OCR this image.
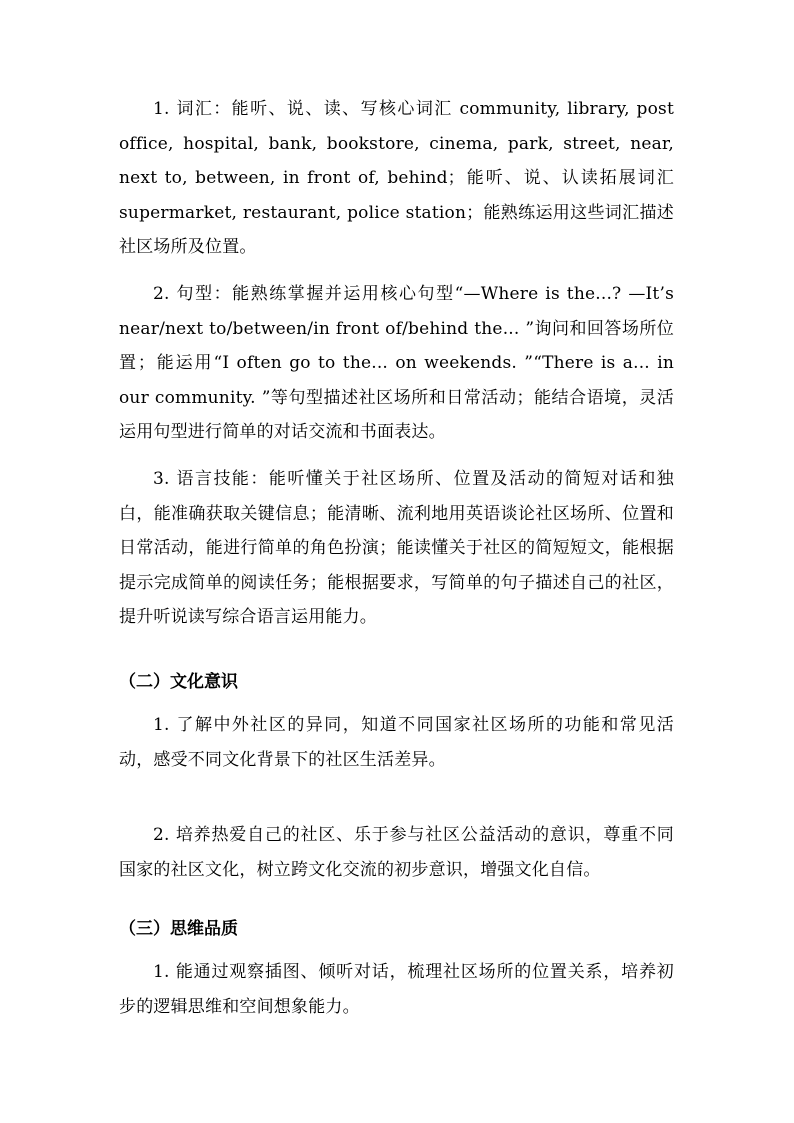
1. 词汇：能听、说、读、写核心词汇 community, library, post office, hospital, bank, bookstore, cinema, park, street, near, next to, between, in front of, behind；能听、说、认读拓展词汇 supermarket, restaurant, police station；能熟练运用这些词汇描述社区场所及位置。

2. 句型：能熟练掌握并运用核心句型“—Where is the...? —It’s near/next to/between/in front of/behind the... ”询问和回答场所位置；能运用“I often go to the... on weekends. ”“There is a... in our community. ”等句型描述社区场所和日常活动；能结合语境，灵活运用句型进行简单的对话交流和书面表达。

3. 语言技能：能听懂关于社区场所、位置及活动的简短对话和独白，能准确获取关键信息；能清晰、流利地用英语谈论社区场所、位置和日常活动，能进行简单的角色扮演；能读懂关于社区的简短短文，能根据提示完成简单的阅读任务；能根据要求，写简单的句子描述自己的社区，提升听说读写综合语言运用能力。

（二）文化意识

1. 了解中外社区的异同，知道不同国家社区场所的功能和常见活动，感受不同文化背景下的社区生活差异。

2. 培养热爱自己的社区、乐于参与社区公益活动的意识，尊重不同国家的社区文化，树立跨文化交流的初步意识，增强文化自信。

（三）思维品质

1. 能通过观察插图、倾听对话，梳理社区场所的位置关系，培养初步的逻辑思维和空间想象能力。
